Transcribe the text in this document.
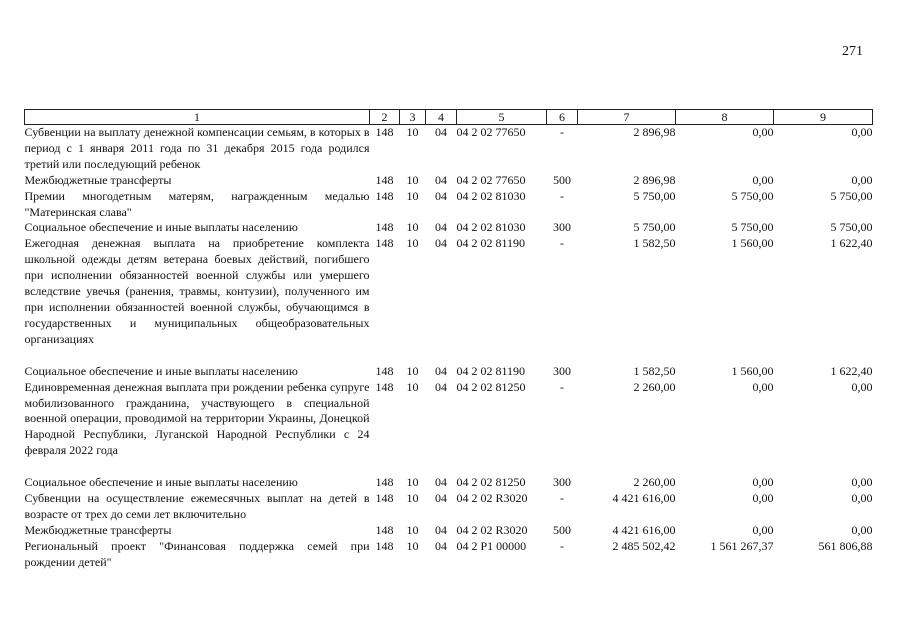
271
1	2	3	4	5	6	7	8	9
Субвенции на выплату денежной компенсации семьям, в которых в период с 1 января 2011 года по 31 декабря 2015 года родился третий или последующий ребенок	148	10	04	04 2 02 77650	-	2 896,98	0,00	0,00
Межбюджетные трансферты	148	10	04	04 2 02 77650	500	2 896,98	0,00	0,00
Премии многодетным матерям, награжденным медалью "Материнская слава"	148	10	04	04 2 02 81030	-	5 750,00	5 750,00	5 750,00
Социальное обеспечение и иные выплаты населению	148	10	04	04 2 02 81030	300	5 750,00	5 750,00	5 750,00
Ежегодная денежная выплата на приобретение комплекта школьной одежды детям ветерана боевых действий, погибшего при исполнении обязанностей военной службы или умершего вследствие увечья (ранения, травмы, контузии), полученного им при исполнении обязанностей военной службы, обучающимся в государственных и муниципальных общеобразовательных организациях	148	10	04	04 2 02 81190	-	1 582,50	1 560,00	1 622,40
Социальное обеспечение и иные выплаты населению	148	10	04	04 2 02 81190	300	1 582,50	1 560,00	1 622,40
Единовременная денежная выплата при рождении ребенка супруге мобилизованного гражданина, участвующего в специальной военной операции, проводимой на территории Украины, Донецкой Народной Республики, Луганской Народной Республики с 24 февраля 2022 года	148	10	04	04 2 02 81250	-	2 260,00	0,00	0,00
Социальное обеспечение и иные выплаты населению	148	10	04	04 2 02 81250	300	2 260,00	0,00	0,00
Субвенции на осуществление ежемесячных выплат на детей в возрасте от трех до семи лет включительно	148	10	04	04 2 02 R3020	-	4 421 616,00	0,00	0,00
Межбюджетные трансферты	148	10	04	04 2 02 R3020	500	4 421 616,00	0,00	0,00
Региональный проект "Финансовая поддержка семей при рождении детей"	148	10	04	04 2 P1 00000	-	2 485 502,42	1 561 267,37	561 806,88
